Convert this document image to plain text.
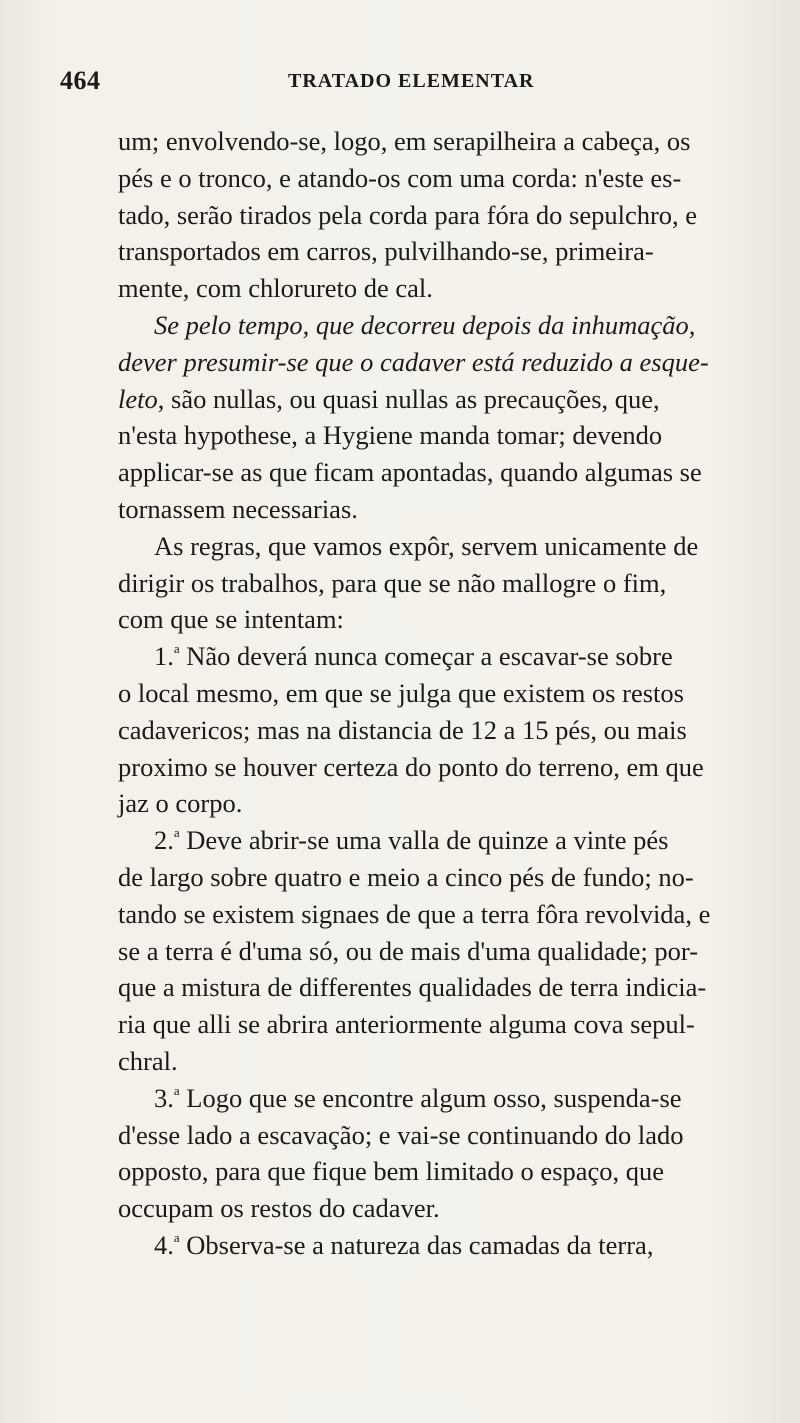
464	TRATADO ELEMENTAR
um; envolvendo-se, logo, em serapilheira a cabeça, os
pés e o tronco, e atando-os com uma corda: n'este es-
tado, serão tirados pela corda para fóra do sepulchro, e
transportados em carros, pulvilhando-se, primeira-
mente, com chlorureto de cal.
Se pelo tempo, que decorreu depois da inhumação,
dever presumir-se que o cadaver está reduzido a esque-
leto, são nullas, ou quasi nullas as precauções, que,
n'esta hypothese, a Hygiene manda tomar; devendo
applicar-se as que ficam apontadas, quando algumas se
tornassem necessarias.
As regras, que vamos expôr, servem unicamente de
dirigir os trabalhos, para que se não mallogre o fim,
com que se intentam:
1.$^a$ Não deverá nunca começar a escavar-se sobre
o local mesmo, em que se julga que existem os restos
cadavericos; mas na distancia de 12 a 15 pés, ou mais
proximo se houver certeza do ponto do terreno, em que
jaz o corpo.
2.$^a$ Deve abrir-se uma valla de quinze a vinte pés
de largo sobre quatro e meio a cinco pés de fundo; no-
tando se existem signaes de que a terra fôra revolvida, e
se a terra é d'uma só, ou de mais d'uma qualidade; por-
que a mistura de differentes qualidades de terra indicia-
ria que alli se abrira anteriormente alguma cova sepul-
chral.
3.$^a$ Logo que se encontre algum osso, suspenda-se
d'esse lado a escavação; e vai-se continuando do lado
opposto, para que fique bem limitado o espaço, que
occupam os restos do cadaver.
4.$^a$ Observa-se a natureza das camadas da terra,
